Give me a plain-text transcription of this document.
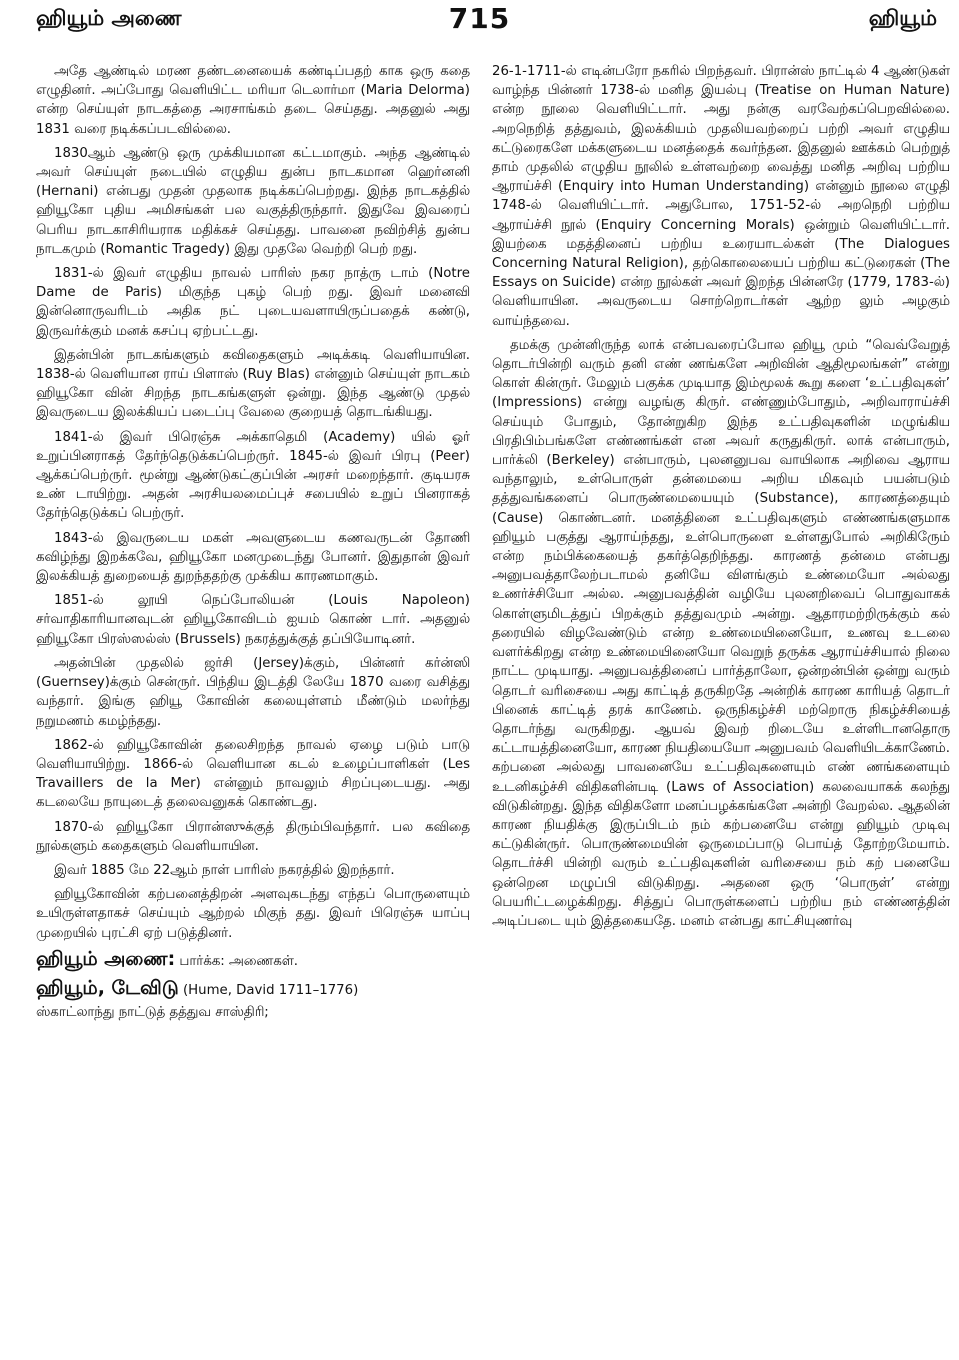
ஹியூம் அணை	715	ஹியூம்

அதே ஆண்டில் மரண தண்டனையைக் கண்டிப்பதற் காக ஒரு கதை எழுதினர். அப்போது வெளியிட்ட மரியா டெலார்மா (Maria Delorma) என்ற செய்யுள் நாடகத்தை அரசாங்கம் தடை செய்தது. அதனுல் அது 1831 வரை நடிக்கப்படவில்லை.

1830ஆம் ஆண்டு ஒரு முக்கியமான கட்டமாகும். அந்த ஆண்டில் அவர் செய்யுள் நடையில் எழுதிய துன்ப நாடகமான ஹெர்னனி (Hernani) என்பது முதன் முதலாக நடிக்கப்பெற்றது. இந்த நாடகத்தில் ஹியூகோ புதிய அமிசங்கள் பல வகுத்திருந்தார். இதுவே இவரைப் பெரிய நாடகாசிரியராக மதிக்கச் செய்தது. பாவனை நவிற்சித் துன்ப நாடகமும் (Romantic Tragedy) இது முதலே வெற்றி பெற் றது.

1831-ல் இவர் எழுதிய நாவல் பாரிஸ் நகர நாத்ரு டாம் (Notre Dame de Paris) மிகுந்த புகழ் பெற் றது. இவர் மனைவி இன்னொருவரிடம் அதிக நட் புடையவளாயிருப்பதைக் கண்டு, இருவர்க்கும் மனக் கசப்பு ஏற்பட்டது.

இதன்பின் நாடகங்களும் கவிதைகளும் அடிக்கடி வெளியாயின. 1838-ல் வெளியான ராய் பிளாஸ் (Ruy Blas) என்னும் செய்யுள் நாடகம் ஹியூகோ வின் சிறந்த நாடகங்களுள் ஒன்று. இந்த ஆண்டு முதல் இவருடைய இலக்கியப் படைப்பு வேலை குறையத் தொடங்கியது.

1841-ல் இவர் பிரெஞ்சு அக்காதெமி (Academy) யில் ஓர் உறுப்பினராகத் தேர்ந்தெடுக்கப்பெற்ருர். 1845-ல் இவர் பிரபு (Peer) ஆக்கப்பெற்ருர். மூன்று ஆண்டுகட்குப்பின் அரசர் மறைந்தார். குடியரசு உண் டாயிற்று. அதன் அரசியலமைப்புச் சபையில் உறுப் பினராகத் தேர்ந்தெடுக்கப் பெற்ருர்.

1843-ல் இவருடைய மகள் அவளுடைய கணவருடன் தோணி கவிழ்ந்து இறக்கவே, ஹியூகோ மனமுடைந்து போனர். இதுதான் இவர் இலக்கியத் துறையைத் துறந்ததற்கு முக்கிய காரணமாகும்.

1851-ல் லூயி நெப்போலியன் (Louis Napoleon) சர்வாதிகாரியானவுடன் ஹியூகோவிடம் ஐயம் கொண் டார். அதனுல் ஹியூகோ பிரஸ்ஸல்ஸ் (Brussels) நகரத்துக்குத் தப்பியோடினர்.

அதன்பின் முதலில் ஜர்சி (Jersey)க்கும், பின்னர் கர்ன்ஸி (Guernsey)க்கும் சென்ருர். பிந்திய இடத்தி லேயே 1870 வரை வசித்து வந்தார். இங்கு ஹியூ கோவின் கலையுள்ளம் மீண்டும் மலர்ந்து நறுமணம் கமழ்ந்தது.

1862-ல் ஹியூகோவின் தலைசிறந்த நாவல் ஏழை படும் பாடு வெளியாயிற்று. 1866-ல் வெளியான கடல் உழைப்பாளிகள் (Les Travaillers de la Mer) என்னும் நாவலும் சிறப்புடையது. அது கடலையே நாயுடைத் தலைவனுகக் கொண்டது.

1870-ல் ஹியூகோ பிரான்ஸுக்குத் திரும்பிவந்தார். பல கவிதை நூல்களும் கதைகளும் வெளியாயின.

இவர் 1885 மே 22ஆம் நாள் பாரிஸ் நகரத்தில் இறந்தார்.

ஹியூகோவின் கற்பனைத்திறன் அளவுகடந்து எந்தப் பொருளையும் உயிருள்ளதாகச் செய்யும் ஆற்றல் மிகுந் தது. இவர் பிரெஞ்சு யாப்பு முறையில் புரட்சி ஏற் படுத்தினர்.

ஹியூம் அணை: பார்க்க: அணைகள்.
ஹியூம், டேவிடு (Hume, David 1711–1776)

ஸ்காட்லாந்து நாட்டுத் தத்துவ சாஸ்திரி;

26-1-1711-ல் எடின்பரோ நகரில் பிறந்தவர். பிரான்ஸ் நாட்டில் 4 ஆண்டுகள் வாழ்ந்த பின்னர் 1738-ல் மனித இயல்பு (Treatise on Human Nature) என்ற நூலை வெளியிட்டார். அது நன்கு வரவேற்கப்பெறவில்லை. அறநெறித் தத்துவம், இலக்கியம் முதலியவற்றைப் பற்றி அவர் எழுதிய கட்டுரைகளே மக்களுடைய மனத்தைக் கவர்ந்தன. இதனுல் ஊக்கம் பெற்றுத் தாம் முதலில் எழுதிய நூலில் உள்ளவற்றை வைத்து மனித அறிவு பற்றிய ஆராய்ச்சி (Enquiry into Human Understanding) என்னும் நூலை எழுதி 1748-ல் வெளியிட்டார். அதுபோல, 1751-52-ல் அறநெறி பற்றிய ஆராய்ச்சி நூல் (Enquiry Concerning Morals) ஒன்றும் வெளியிட்டார். இயற்கை மதத்தினைப் பற்றிய உரையாடல்கள் (The Dialogues Concerning Natural Religion), தற்கொலையைப் பற்றிய கட்டுரைகள் (The Essays on Suicide) என்ற நூல்கள் அவர் இறந்த பின்னரே (1779, 1783-ல்) வெளியாயின. அவருடைய சொற்றொடர்கள் ஆற்ற லும் அழகும் வாய்ந்தவை.

தமக்கு முன்னிருந்த லாக் என்பவரைப்போல ஹியூ மும் “வெவ்வேறுத் தொடர்பின்றி வரும் தனி எண் ணங்களே அறிவின் ஆதிமூலங்கள்” என்று கொள் கின்ருர். மேலும் பகுக்க முடியாத இம்மூலக் கூறு களை ‘உட்பதிவுகள்’ (Impressions) என்று வழங்கு கிருர். எண்ணும்போதும், அறிவாராய்ச்சி செய்யும் போதும், தோன்றுகிற இந்த உட்பதிவுகளின் மழுங்கிய பிரதிபிம்பங்களே எண்ணங்கள் என அவர் கருதுகிருர். லாக் என்பாரும், பார்க்லி (Berkeley) என்பாரும், புலனனுபவ வாயிலாக அறிவை ஆராய வந்தாலும், உள்பொருள் தன்மையை அறிய மிகவும் பயன்படும் தத்துவங்களைப் பொருண்மையையும் (Substance), காரணத்தையும் (Cause) கொண்டனர். மனத்தினை உட்பதிவுகளும் எண்ணங்களுமாக ஹியூம் பகுத்து ஆராய்ந்தது, உள்பொருளை உள்ளதுபோல் அறிகிருேம் என்ற நம்பிக்கையைத் தகர்த்தெறிந்தது. காரணத் தன்மை என்பது அனுபவத்தாலேற்படாமல் தனியே விளங்கும் உண்மையோ அல்லது உணர்ச்சியோ அல்ல. அனுபவத்தின் வழியே புலனறிவைப் பொதுவாகக் கொள்ளுமிடத்துப் பிறக்கும் தத்துவமும் அன்று. ஆதாரமற்றிருக்கும் கல் தரையில் விழவேண்டும் என்ற உண்மையினையோ, உணவு உடலை வளர்க்கிறது என்ற உண்மையினையோ வெறுந் தருக்க ஆராய்ச்சியால் நிலை நாட்ட முடியாது. அனுபவத்தினைப் பார்த்தாலோ, ஒன்றன்பின் ஒன்று வரும் தொடர் வரிசையை அது காட்டித் தருகிறதே அன்றிக் காரண காரியத் தொடர் பினைக் காட்டித் தரக் காணேம். ஒருநிகழ்ச்சி மற்றொரு நிகழ்ச்சியைத் தொடர்ந்து வருகிறது. ஆயவ் இவற் றிடையே உள்ளிடானதொரு கட்டாயத்தினையோ, காரண நியதியையோ அனுபவம் வெளியிடக்காணேம். கற்பனை அல்லது பாவனையே உட்பதிவுகளையும் எண் ணங்களையும் உடனிகழ்ச்சி விதிகளின்படி (Laws of Association) கலவையாகக் கலந்து விடுகின்றது. இந்த விதிகளோ மனப்பழக்கங்களே அன்றி வேறல்ல. ஆதலின் காரண நியதிக்கு இருப்பிடம் நம் கற்பனையே என்று ஹியூம் முடிவு கட்டுகின்ருர். பொருண்மையின் ஒருமைப்பாடு பொய்த் தோற்றமேயாம். தொடர்ச்சி யின்றி வரும் உட்பதிவுகளின் வரிசையை நம் கற் பனையே ஒன்றென மழுப்பி விடுகிறது. அதனை ஒரு ‘பொருள்’ என்று பெயரிட்டழைக்கிறது. சித்துப் பொருள்களைப் பற்றிய நம் எண்ணத்தின் அடிப்படை யும் இத்தகையதே. மனம் என்பது காட்சியுணர்வு
